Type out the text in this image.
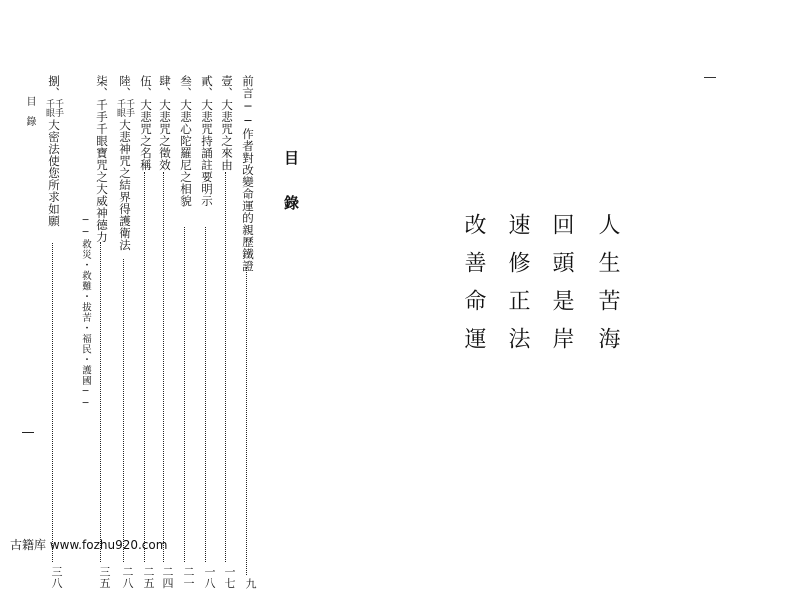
目錄
前言──作者對改變命運的親歷鐵證
九
壹、大悲咒之來由
一七
貳、大悲咒持誦註要明示
一八
叁、大悲心陀羅尼之相貌
二一
肆、大悲咒之徵效
二四
伍、大悲咒之名稱
二五
陸、
千手
千眼
大悲神咒之結界得護衛法
二八
柒、千手千眼寶咒之大威神德力
三五
──救災・救難・拔苦・福民・護國──
捌、
千手
千眼
大密法使您所求如願
三八
目錄
人生苦海
回頭是岸
速修正法
改善命運
古籍库 www.fozhu920.com
